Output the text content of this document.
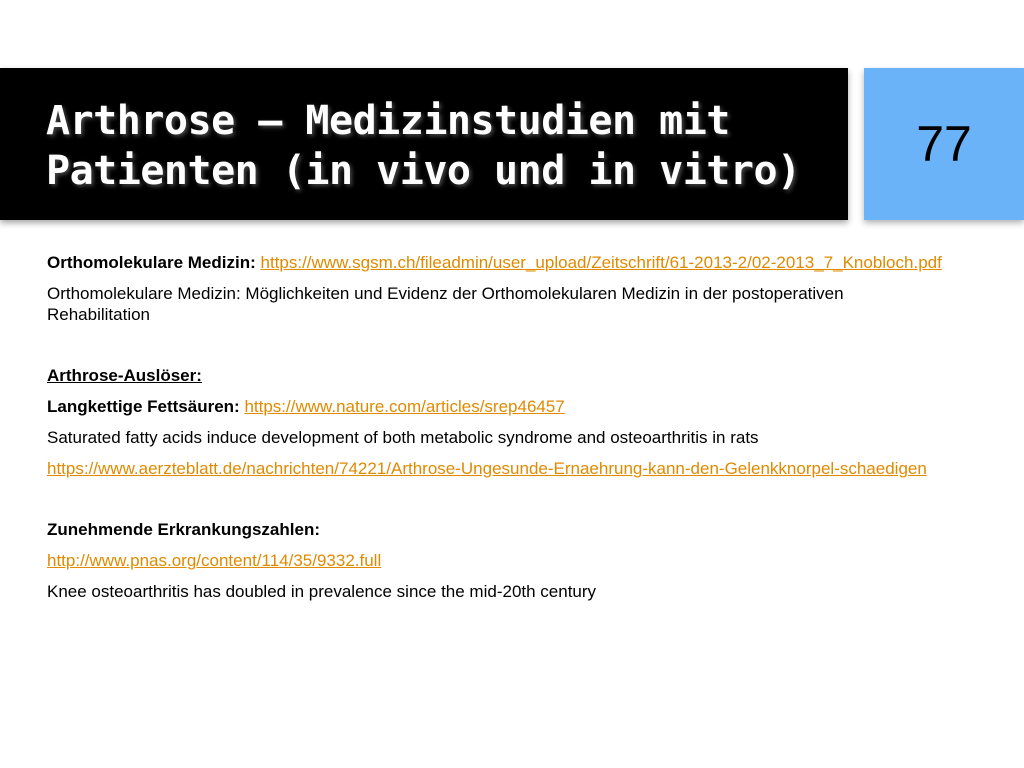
Arthrose – Medizinstudien mit
Patienten (in vivo und in vitro)	77

Orthomolekulare Medizin: https://www.sgsm.ch/fileadmin/user_upload/Zeitschrift/61-2013-2/02-2013_7_Knobloch.pdf

Orthomolekulare Medizin: Möglichkeiten und Evidenz der Orthomolekularen Medizin in der postoperativen Rehabilitation

Arthrose-Auslöser:

Langkettige Fettsäuren: https://www.nature.com/articles/srep46457

Saturated fatty acids induce development of both metabolic syndrome and osteoarthritis in rats

https://www.aerzteblatt.de/nachrichten/74221/Arthrose-Ungesunde-Ernaehrung-kann-den-Gelenkknorpel-schaedigen

Zunehmende Erkrankungszahlen:

http://www.pnas.org/content/114/35/9332.full

Knee osteoarthritis has doubled in prevalence since the mid-20th century
